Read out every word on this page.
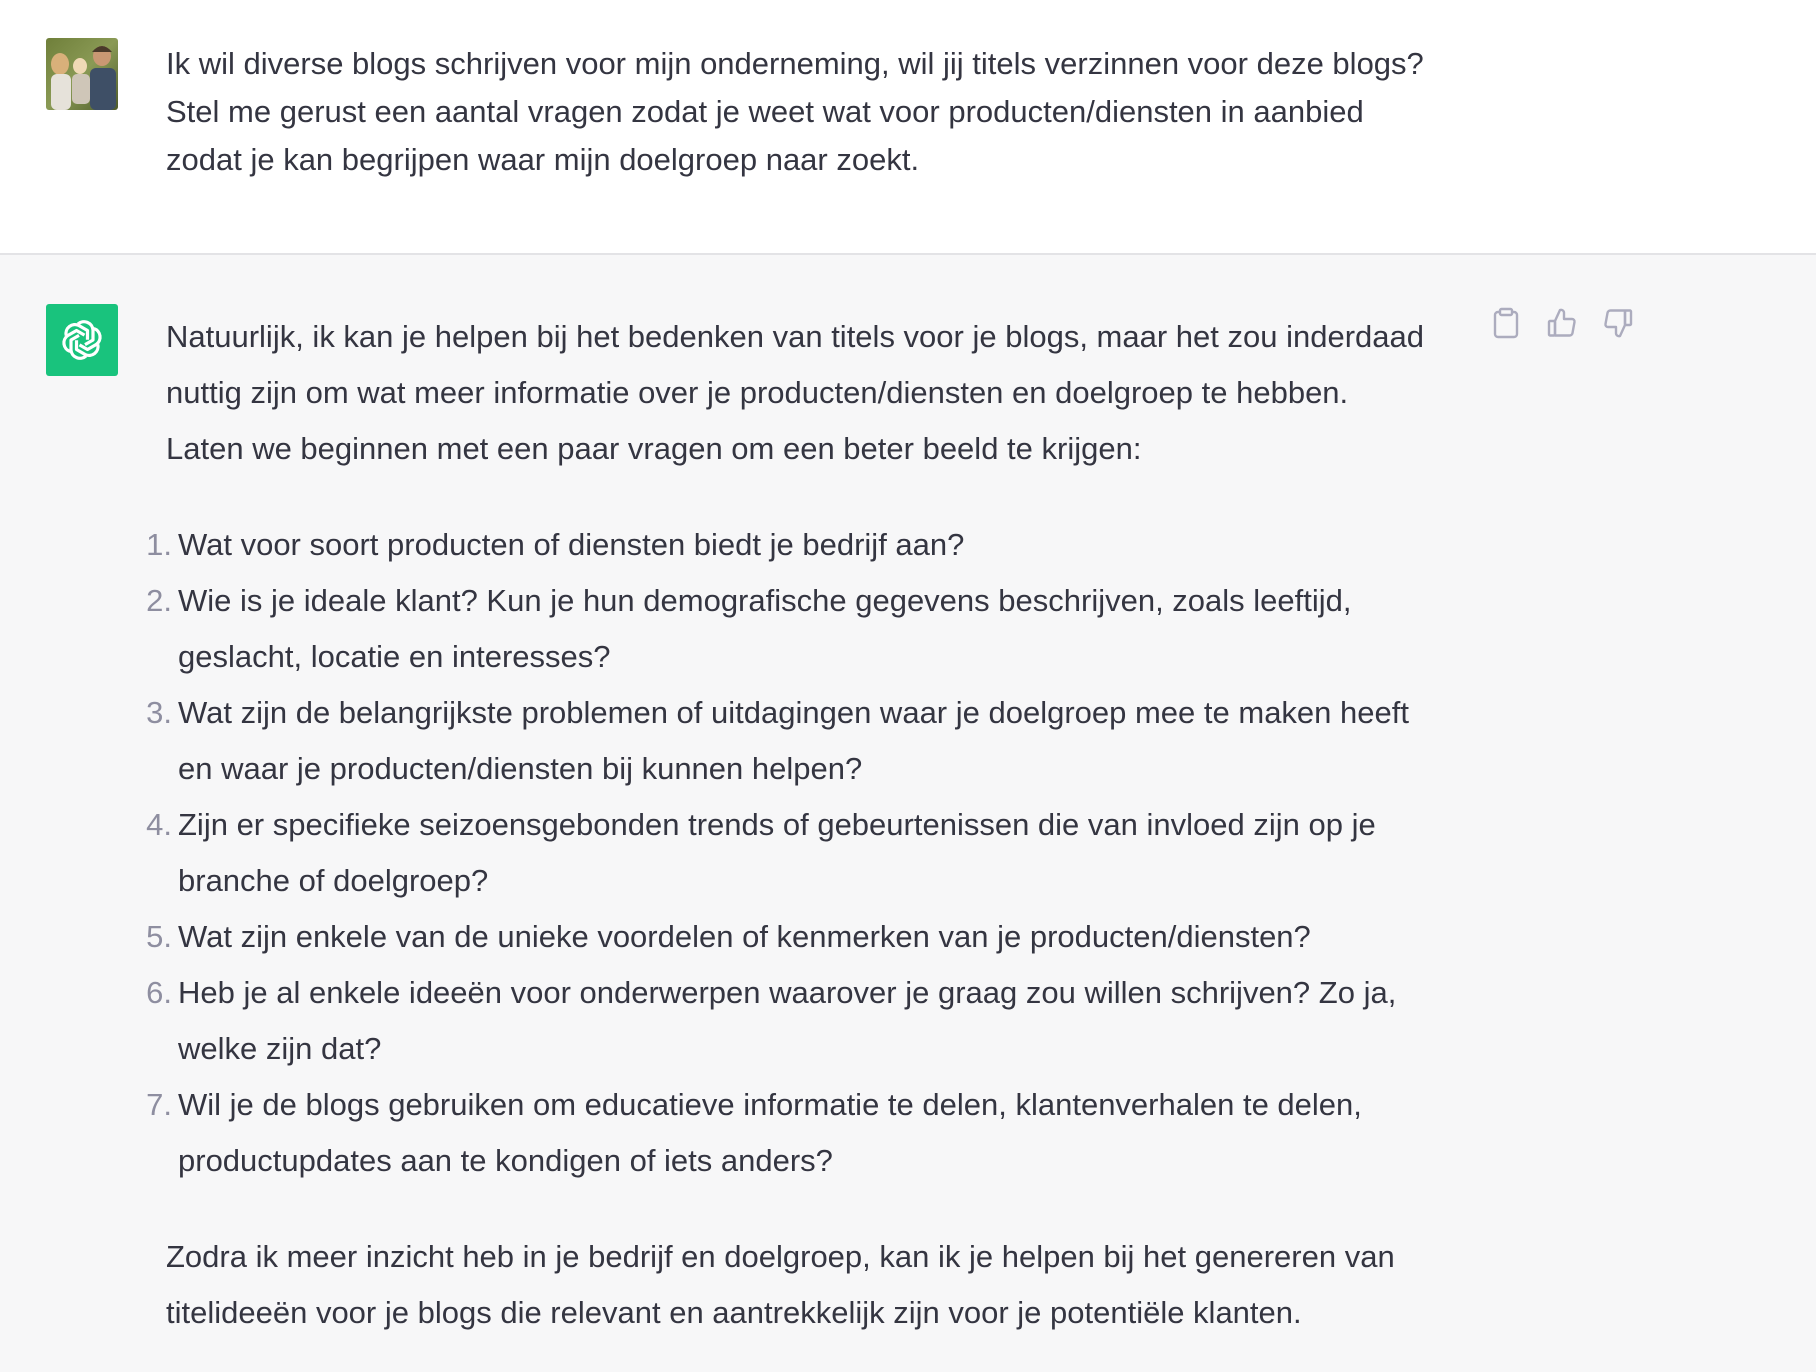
Ik wil diverse blogs schrijven voor mijn onderneming, wil jij titels verzinnen voor deze blogs?
Stel me gerust een aantal vragen zodat je weet wat voor producten/diensten in aanbied
zodat je kan begrijpen waar mijn doelgroep naar zoekt.
Natuurlijk, ik kan je helpen bij het bedenken van titels voor je blogs, maar het zou inderdaad
nuttig zijn om wat meer informatie over je producten/diensten en doelgroep te hebben.
Laten we beginnen met een paar vragen om een beter beeld te krijgen:
1. Wat voor soort producten of diensten biedt je bedrijf aan?
2. Wie is je ideale klant? Kun je hun demografische gegevens beschrijven, zoals leeftijd,
geslacht, locatie en interesses?
3. Wat zijn de belangrijkste problemen of uitdagingen waar je doelgroep mee te maken heeft
en waar je producten/diensten bij kunnen helpen?
4. Zijn er specifieke seizoensgebonden trends of gebeurtenissen die van invloed zijn op je
branche of doelgroep?
5. Wat zijn enkele van de unieke voordelen of kenmerken van je producten/diensten?
6. Heb je al enkele ideeën voor onderwerpen waarover je graag zou willen schrijven? Zo ja,
welke zijn dat?
7. Wil je de blogs gebruiken om educatieve informatie te delen, klantenverhalen te delen,
productupdates aan te kondigen of iets anders?
Zodra ik meer inzicht heb in je bedrijf en doelgroep, kan ik je helpen bij het genereren van
titelideeën voor je blogs die relevant en aantrekkelijk zijn voor je potentiële klanten.
